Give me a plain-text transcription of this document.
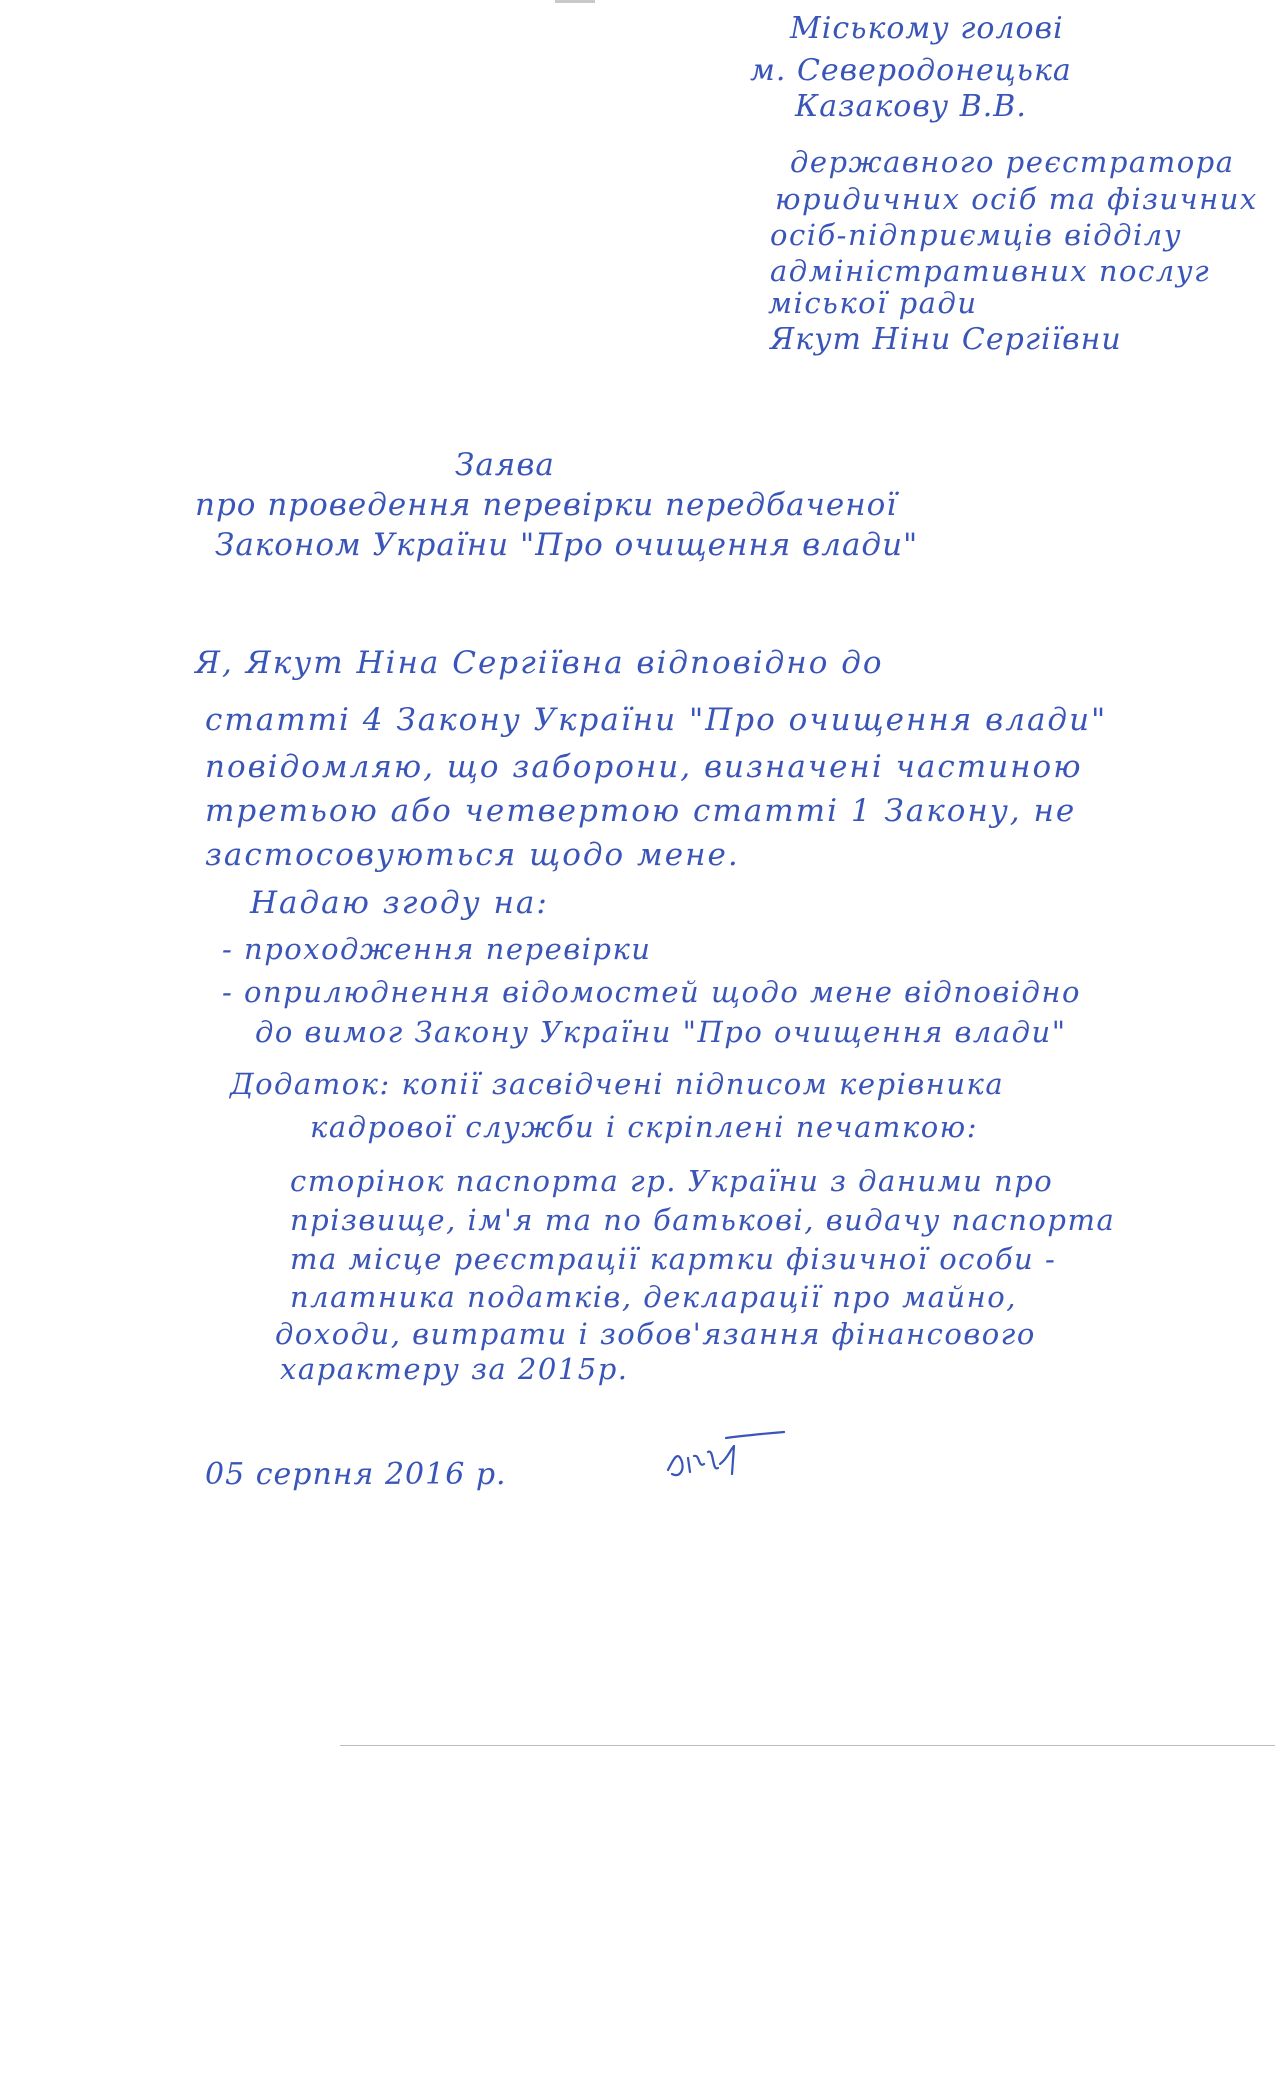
Міському голові
м. Северодонецька
Казакову В.В.
державного реєстратора
юридичних осіб та фізичних
осіб-підприємців відділу
адміністративних послуг
міської ради
Якут Ніни Сергіївни
Заява
про проведення перевірки передбаченої
Законом України "Про очищення влади"
Я, Якут Ніна Сергіївна відповідно до
статті 4 Закону України "Про очищення влади"
повідомляю, що заборони, визначені частиною
третьою або четвертою статті 1 Закону, не
застосовуються щодо мене.
Надаю згоду на:
- проходження перевірки
- оприлюднення відомостей щодо мене відповідно
до вимог Закону України "Про очищення влади"
Додаток: копії засвідчені підписом керівника
кадрової служби і скріплені печаткою:
сторінок паспорта гр. України з даними про
прізвище, ім'я та по батькові, видачу паспорта
та місце реєстрації картки фізичної особи -
платника податків, декларації про майно,
доходи, витрати і зобов'язання фінансового
характеру за 2015р.
05 серпня 2016 р.
